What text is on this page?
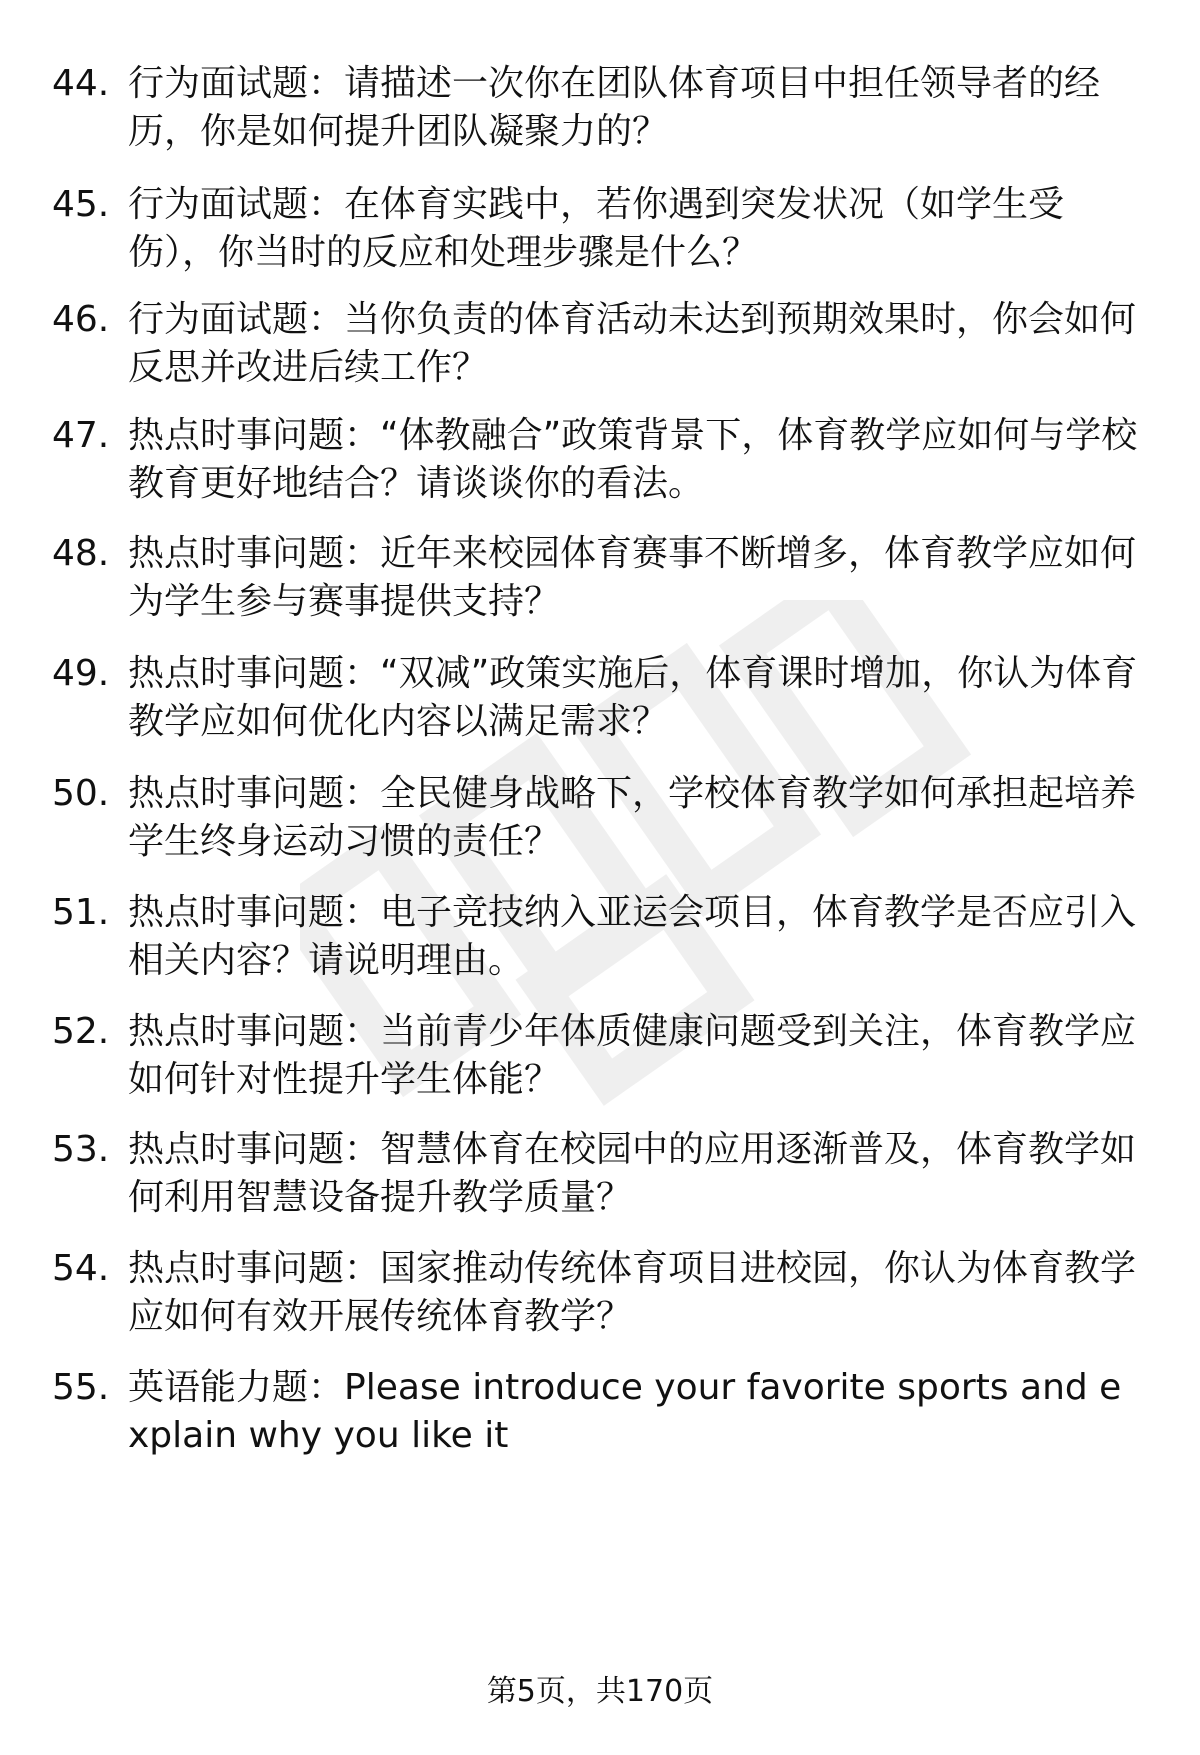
44. 行为面试题：请描述一次你在团队体育项目中担任领导者的经历，你是如何提升团队凝聚力的？
45. 行为面试题：在体育实践中，若你遇到突发状况（如学生受伤），你当时的反应和处理步骤是什么？
46. 行为面试题：当你负责的体育活动未达到预期效果时，你会如何反思并改进后续工作？
47. 热点时事问题：“体教融合”政策背景下，体育教学应如何与学校教育更好地结合？请谈谈你的看法。
48. 热点时事问题：近年来校园体育赛事不断增多，体育教学应如何为学生参与赛事提供支持？
49. 热点时事问题：“双减”政策实施后，体育课时增加，你认为体育教学应如何优化内容以满足需求？
50. 热点时事问题：全民健身战略下，学校体育教学如何承担起培养学生终身运动习惯的责任？
51. 热点时事问题：电子竞技纳入亚运会项目，体育教学是否应引入相关内容？请说明理由。
52. 热点时事问题：当前青少年体质健康问题受到关注，体育教学应如何针对性提升学生体能？
53. 热点时事问题：智慧体育在校园中的应用逐渐普及，体育教学如何利用智慧设备提升教学质量？
54. 热点时事问题：国家推动传统体育项目进校园，你认为体育教学应如何有效开展传统体育教学？
55. 英语能力题：Please introduce your favorite sports and explain why you like it
第5页，共170页
